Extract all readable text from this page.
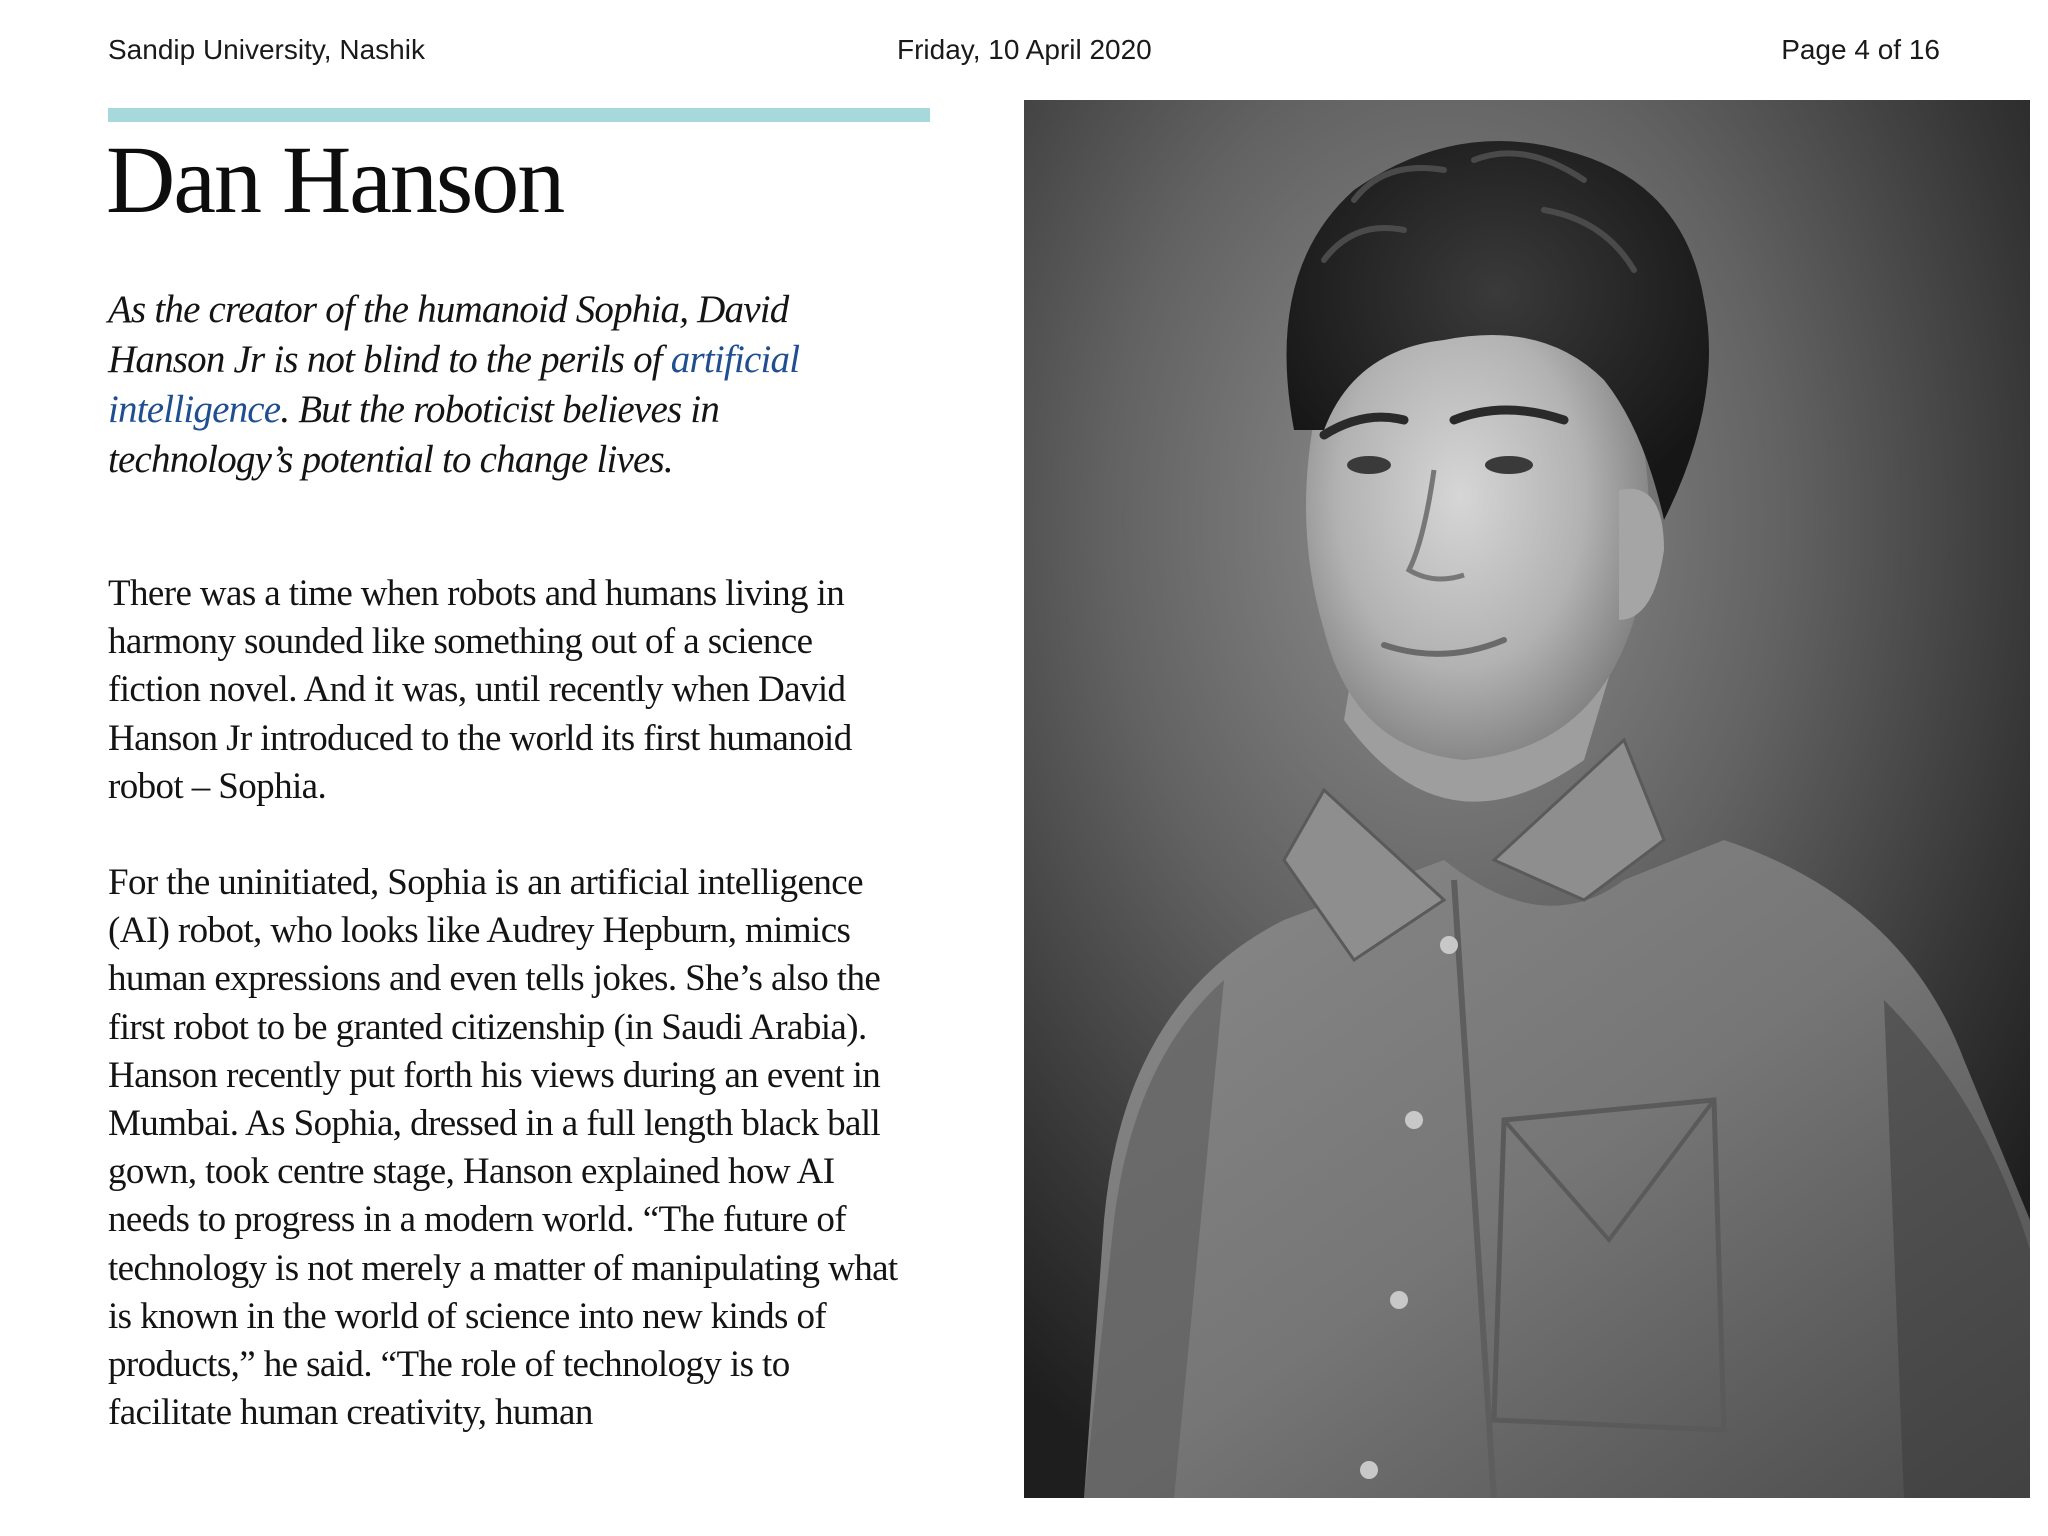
Sandip University, Nashik	Friday, 10 April 2020	Page 4 of 16
Dan Hanson

As the creator of the humanoid Sophia, David Hanson Jr is not blind to the perils of artificial intelligence. But the roboticist believes in technology’s potential to change lives.

There was a time when robots and humans living in harmony sounded like something out of a science fiction novel. And it was, until recently when David Hanson Jr introduced to the world its first humanoid robot – Sophia.

For the uninitiated, Sophia is an artificial intelligence (AI) robot, who looks like Audrey Hepburn, mimics human expressions and even tells jokes. She’s also the first robot to be granted citizenship (in Saudi Arabia).

Hanson recently put forth his views during an event in Mumbai. As Sophia, dressed in a full length black ball gown, took centre stage, Hanson explained how AI needs to progress in a modern world. “The future of technology is not merely a matter of manipulating what is known in the world of science into new kinds of products,” he said. “The role of technology is to facilitate human creativity, human
